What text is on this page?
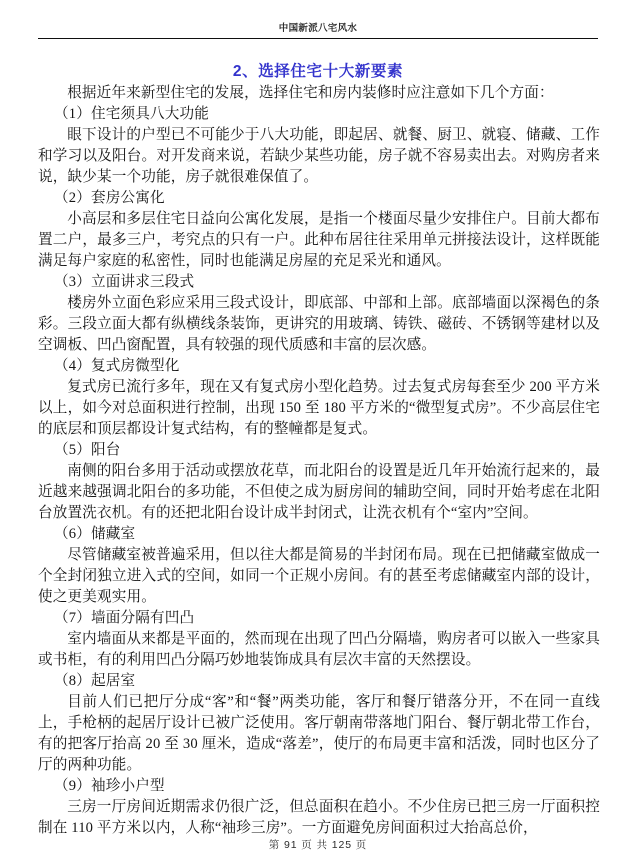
中国新派八宅风水
2、选择住宅十大新要素

根据近年来新型住宅的发展，选择住宅和房内装修时应注意如下几个方面：

（1）住宅须具八大功能

眼下设计的户型已不可能少于八大功能，即起居、就餐、厨卫、就寝、储藏、工作和学习以及阳台。对开发商来说，若缺少某些功能，房子就不容易卖出去。对购房者来说，缺少某一个功能，房子就很难保值了。

（2）套房公寓化

小高层和多层住宅日益向公寓化发展，是指一个楼面尽量少安排住户。目前大都布置二户，最多三户，考究点的只有一户。此种布居往往采用单元拼接法设计，这样既能满足每户家庭的私密性，同时也能满足房屋的充足采光和通风。

（3）立面讲求三段式

楼房外立面色彩应采用三段式设计，即底部、中部和上部。底部墙面以深褐色的条彩。三段立面大都有纵横线条装饰，更讲究的用玻璃、铸铁、磁砖、不锈钢等建材以及空调板、凹凸窗配置，具有较强的现代质感和丰富的层次感。

（4）复式房微型化

复式房已流行多年，现在又有复式房小型化趋势。过去复式房每套至少 200 平方米以上，如今对总面积进行控制，出现 150 至 180 平方米的“微型复式房”。不少高层住宅的底层和顶层都设计复式结构，有的整幢都是复式。

（5）阳台

南侧的阳台多用于活动或摆放花草，而北阳台的设置是近几年开始流行起来的，最近越来越强调北阳台的多功能，不但使之成为厨房间的辅助空间，同时开始考虑在北阳台放置洗衣机。有的还把北阳台设计成半封闭式，让洗衣机有个“室内”空间。

（6）储藏室

尽管储藏室被普遍采用，但以往大都是简易的半封闭布局。现在已把储藏室做成一个全封闭独立进入式的空间，如同一个正规小房间。有的甚至考虑储藏室内部的设计，使之更美观实用。

（7）墙面分隔有凹凸

室内墙面从来都是平面的，然而现在出现了凹凸分隔墙，购房者可以嵌入一些家具或书柜，有的利用凹凸分隔巧妙地装饰成具有层次丰富的天然摆设。

（8）起居室

目前人们已把厅分成“客”和“餐”两类功能，客厅和餐厅错落分开，不在同一直线上，手枪柄的起居厅设计已被广泛使用。客厅朝南带落地门阳台、餐厅朝北带工作台，有的把客厅抬高 20 至 30 厘米，造成“落差”，使厅的布局更丰富和活泼，同时也区分了厅的两种功能。

（9）袖珍小户型

三房一厅房间近期需求仍很广泛，但总面积在趋小。不少住房已把三房一厅面积控制在 110 平方米以内，人称“袖珍三房”。一方面避免房间面积过大抬高总价，

第 91 页 共 125 页
